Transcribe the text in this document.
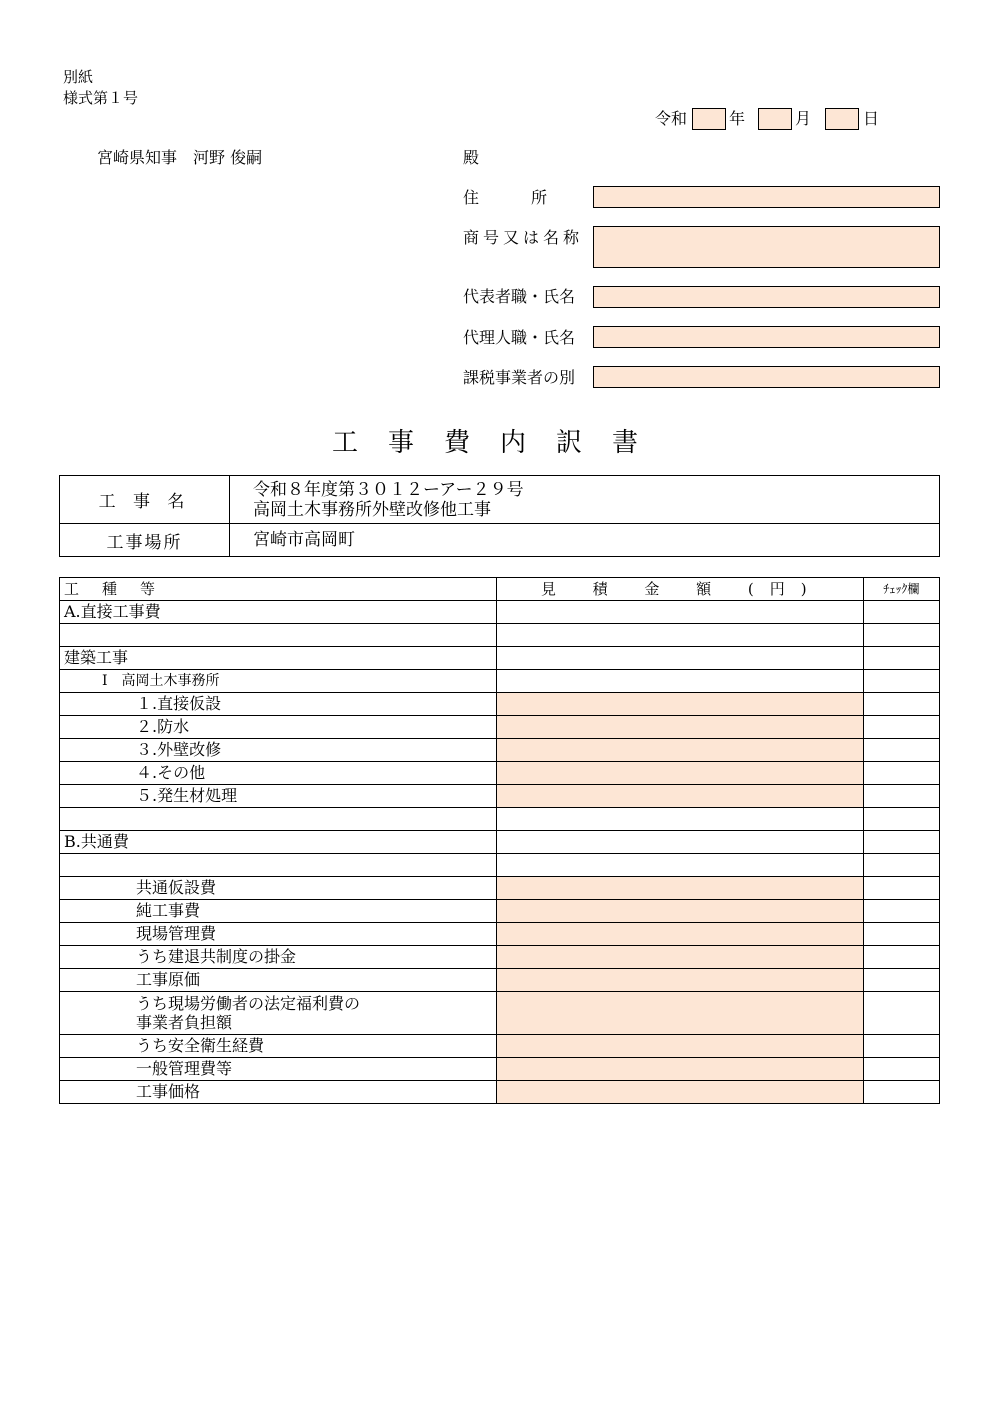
別紙
様式第１号
令和	年	月	日
宮崎県知事　河野 俊嗣	殿
住　　　所
商号又は名称
代表者職・氏名
代理人職・氏名
課税事業者の別
工事費内訳書
工 事 名	令和８年度第３０１２ーアー２９号
高岡土木事務所外壁改修他工事

工事場所	宮崎市高岡町
工　種　等	見 積 金 額 (円)	ﾁｪｯｸ欄
A.直接工事費		

建築工事		
Ⅰ　高岡土木事務所		
１.直接仮設		
２.防水		
３.外壁改修		
４.その他		
５.発生材処理		

B.共通費		

共通仮設費		
純工事費		
現場管理費		
うち建退共制度の掛金		
工事原価		
うち現場労働者の法定福利費の
事業者負担額		
うち安全衛生経費		
一般管理費等		
工事価格		
